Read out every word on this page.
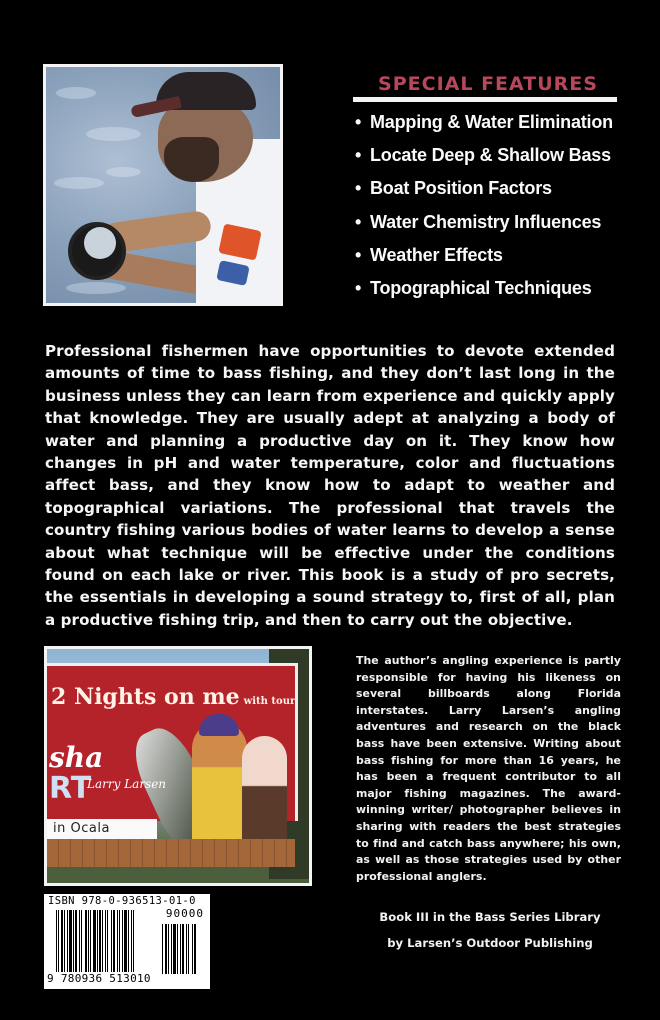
SPECIAL FEATURES
• Mapping & Water Elimination
• Locate Deep & Shallow Bass
• Boat Position Factors
• Water Chemistry Influences
• Weather Effects
• Topographical Techniques
Professional fishermen have opportunities to devote extended amounts of time to bass fishing, and they don’t last long in the business unless they can learn from experience and quickly apply that knowledge. They are usually adept at analyzing a body of water and planning a productive day on it. They know how changes in pH and water temperature, color and fluctuations affect bass, and they know how to adapt to weather and topographical variations. The professional that travels the country fishing various bodies of water learns to develop a sense about what technique will be effective under the conditions found on each lake or river. This book is a study of pro secrets, the essentials in developing a sound strategy to, first of all, plan a productive fishing trip, and then to carry out the objective.
2 Nights on me with tour
sha
RT
Larry Larsen
in Ocala
The author’s angling experience is partly responsible for having his likeness on several billboards along Florida interstates. Larry Larsen’s angling adventures and research on the black bass have been extensive. Writing about bass fishing for more than 16 years, he has been a frequent contributor to all major fishing magazines. The award-winning writer/ photographer believes in sharing with readers the best strategies to find and catch bass anywhere; his own, as well as those strategies used by other professional anglers.
Book III in the Bass Series Library
by Larsen’s Outdoor Publishing
ISBN 978-0-936513-01-0
90000
9 780936 513010
